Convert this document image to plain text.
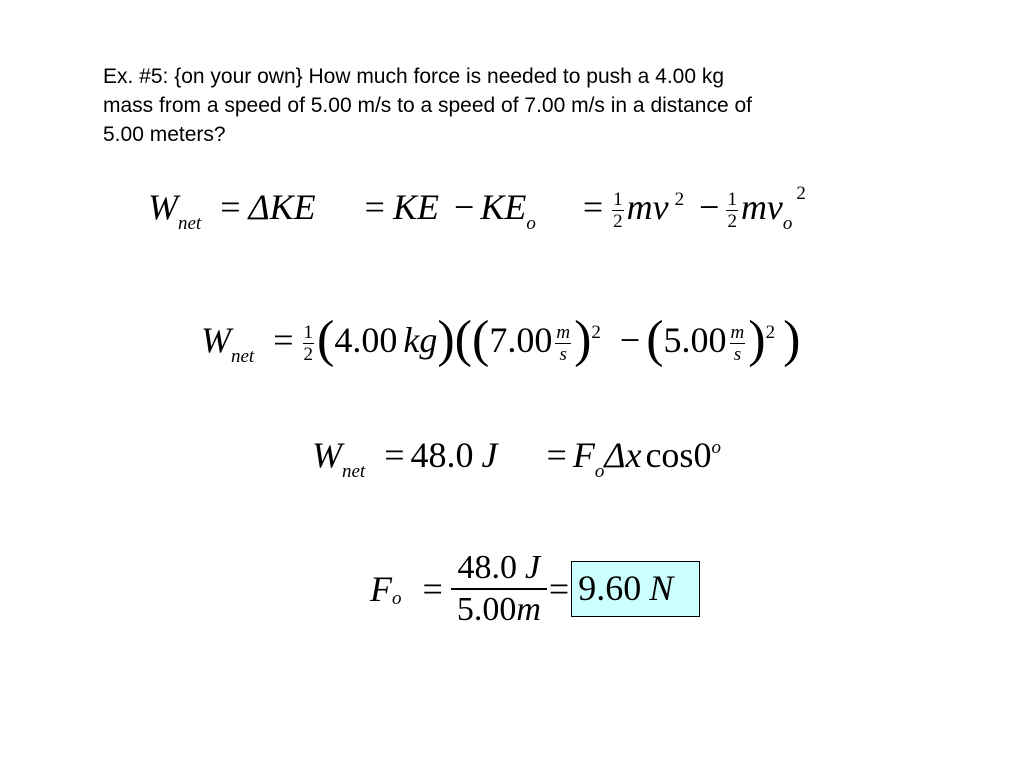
Ex. #5: {on your own} How much force is needed to push a 4.00 kg
mass from a speed of 5.00 m/s to a speed of 7.00 m/s in a distance of
5.00 meters?

$W_{net} = \Delta KE$ = KE − $KE_o = \frac{1}{2}$ mv $^2 - \frac{1}{2} mv_o^2$
$W_{net} = \frac{1}{2} (4.00$ $kg)((7.00 \frac{m}{s} )^2 - (5.00 \frac{m}{s} )^2$ )
$W_{net} = 48.0$ $J = F_o\Delta x$ cos0$^o$
$F_o = \frac{48.0 J}{5.00m} = 9.60$ N
